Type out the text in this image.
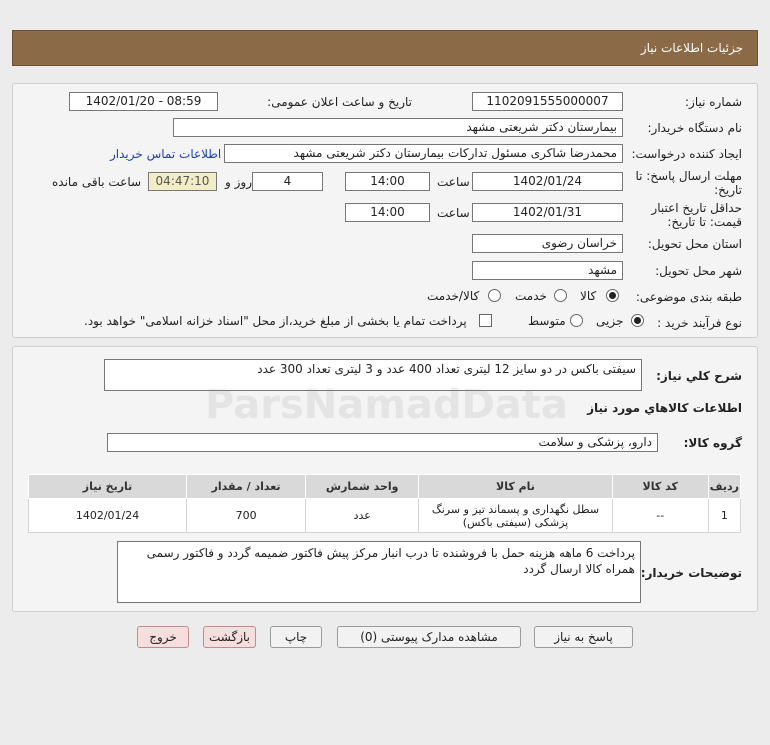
جزئیات اطلاعات نیاز
شماره نیاز:
1102091555000007
تاریخ و ساعت اعلان عمومی:
1402/01/20 - 08:59
نام دستگاه خریدار:
بیمارستان دکتر شریعتی مشهد
ایجاد کننده درخواست:
محمدرضا شاکری مسئول تدارکات بیمارستان دکتر شریعتی مشهد
اطلاعات تماس خریدار
مهلت ارسال پاسخ: تا
تاریخ:
1402/01/24
ساعت
14:00
4
روز و
04:47:10
ساعت باقی مانده
حداقل تاریخ اعتبار
قیمت: تا تاریخ:
1402/01/31
ساعت
14:00
استان محل تحویل:
خراسان رضوی
شهر محل تحویل:
مشهد
طبقه بندی موضوعی:
کالا
خدمت
کالا/خدمت
نوع فرآیند خرید :
جزیی
متوسط
پرداخت تمام یا بخشی از مبلغ خرید،از محل "اسناد خزانه اسلامی" خواهد بود.
شرح کلي نياز:
سیفتی باکس در دو سایز 12 لیتری تعداد 400 عدد و 3 لیتری تعداد 300 عدد
اطلاعات کالاهاي مورد نياز
گروه کالا:
دارو، پزشکی و سلامت
ردیف	کد کالا	نام کالا	واحد شمارش	تعداد / مقدار	تاریخ نیاز
1	--	سطل نگهداری و پسماند تیز و سرنگ پزشکی (سیفتی باکس)	عدد	700	1402/01/24
توضیحات خریدار:
پرداخت 6 ماهه هزینه حمل با فروشنده تا درب انبار مرکز پیش فاکتور ضمیمه گردد و فاکتور رسمی همراه کالا ارسال گردد
پاسخ به نیاز
مشاهده مدارک پیوستی (0)
چاپ
بازگشت
خروج
